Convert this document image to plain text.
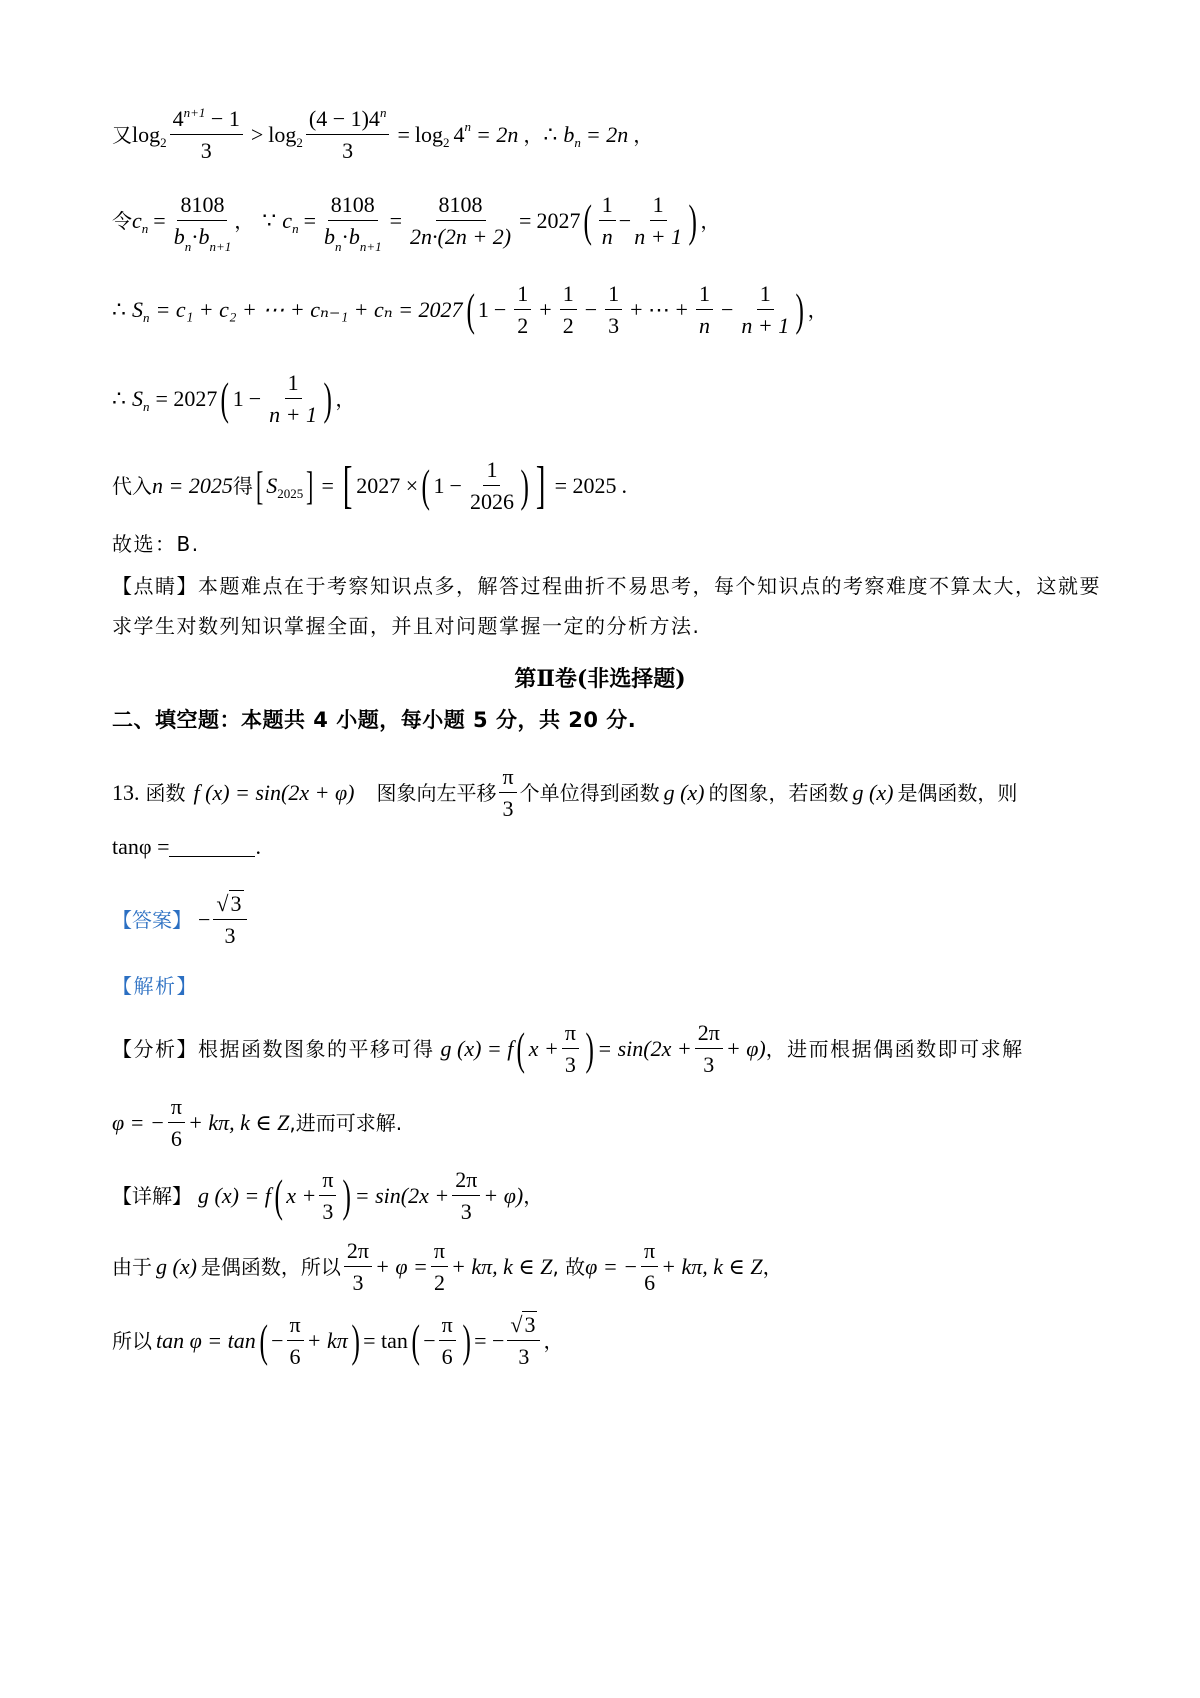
又 $\log 2 \frac{4^{n+1} - 1}{3} > \log 2 \frac{(4 - 1)4^n}{3} = \log 2$ 4 n = 2n ， ∴ b n = 2n ，
令 c $n = \frac{8108}{b_n\cdot b_{n+1}}$ ， ∵ c $n = \frac{8108}{b_n\cdot b_{n+1}} = \frac{8108}{2n\cdot(2n + 2)} = 2027$ ( $\frac{1}{n} - \frac{1}{n + 1}$ ) ，
∴ S n = c₁ + c₂ + ⋯ + cₙ₋₁ + cₙ = 2027 ( $1 - \frac{1}{2} + \frac{1}{2} - \frac{1}{3}$ + ⋯ + $\frac{1}{n} - \frac{1}{n + 1}$ ) ，
∴ S n = 2027 ( $1 - \frac{1}{n + 1}$ ) ，
代入 n = 2025 得 [ S 2025 ] = [ 2027 × ( $1 - \frac{1}{2026}$ ) ] = 2025 .
故选：B.
【点睛】本题难点在于考察知识点多，解答过程曲折不易思考，每个知识点的考察难度不算太大，这就要求学生对数列知识掌握全面，并且对问题掌握一定的分析方法.
第Ⅱ卷(非选择题)
二、填空题：本题共 4 小题，每小题 5 分，共 20 分.
13. 函数 f (x) = sin(2x + φ) 图象向左平移 $\frac{\pi}{3}$ 个单位得到函数 g (x) 的图象，若函数 g (x) 是偶函数，则
tanφ =	.
【答案】 − $\frac{√3}{3}$
【解析】
【分析】根据函数图象的平移可得 g (x) = f ( $x + \frac{\pi}{3}$ ) = $\sin(2x + \frac{2\pi}{3} + \varphi)$ ，进而根据偶函数即可求解
φ = − $\frac{\pi}{6} + k\pi$, k ∈ Z ,进而可求解.
【详解】 g (x) = f ( $x + \frac{\pi}{3}$ ) = $\sin(2x + \frac{2\pi}{3} + \varphi)$ ，
由于 g (x) 是偶函数，所以 $\frac{2\pi}{3} + \varphi = \frac{\pi}{2} + k\pi$, k ∈ Z , 故 φ = − $\frac{\pi}{6} + k\pi$, k ∈ Z ，
所以 tan φ = tan ( − $\frac{\pi}{6} + k\pi$ ) = tan ( − $\frac{\pi}{6}$ ) = − $\frac{√3}{3}$ ，
